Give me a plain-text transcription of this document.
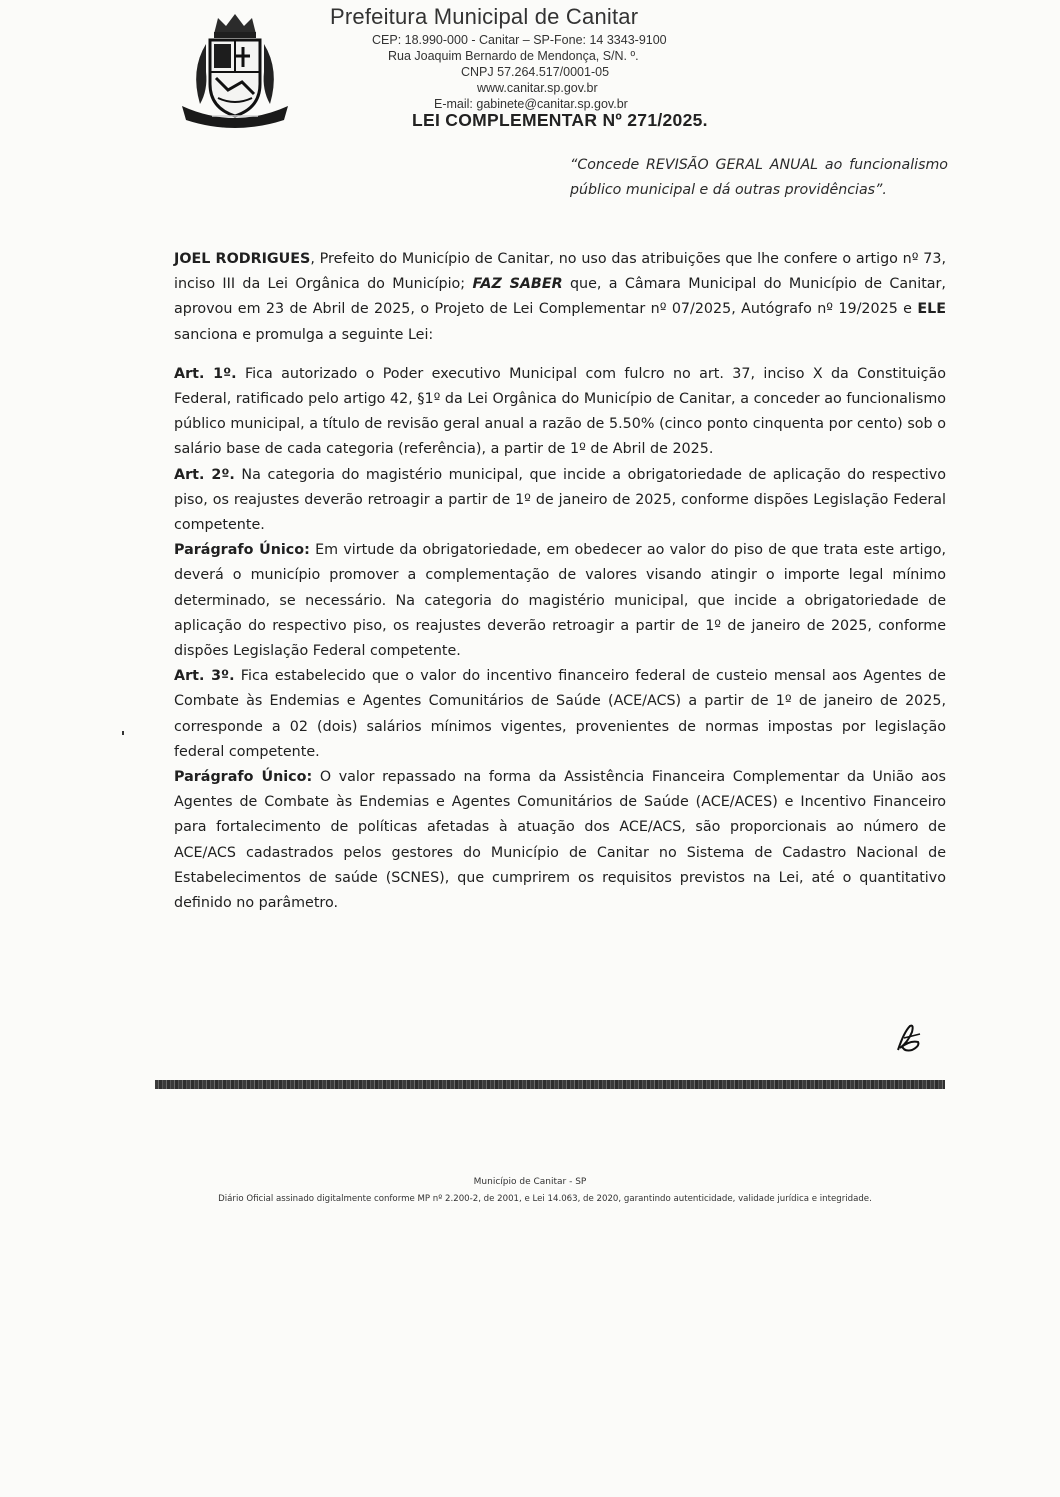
Prefeitura Municipal de Canitar
CEP: 18.990-000 - Canitar – SP-Fone: 14 3343-9100
Rua Joaquim Bernardo de Mendonça, S/N. º.
CNPJ 57.264.517/0001-05
www.canitar.sp.gov.br
E-mail: gabinete@canitar.sp.gov.br
LEI COMPLEMENTAR Nº 271/2025.
“Concede REVISÃO GERAL ANUAL ao funcionalismo público municipal e dá outras providências”.

JOEL RODRIGUES, Prefeito do Município de Canitar, no uso das atribuições que lhe confere o artigo nº 73, inciso III da Lei Orgânica do Município; FAZ SABER que, a Câmara Municipal do Município de Canitar, aprovou em 23 de Abril de 2025, o Projeto de Lei Complementar nº 07/2025, Autógrafo nº 19/2025 e ELE sanciona e promulga a seguinte Lei:

Art. 1º. Fica autorizado o Poder executivo Municipal com fulcro no art. 37, inciso X da Constituição Federal, ratificado pelo artigo 42, §1º da Lei Orgânica do Município de Canitar, a conceder ao funcionalismo público municipal, a título de revisão geral anual a razão de 5.50% (cinco ponto cinquenta por cento) sob o salário base de cada categoria (referência), a partir de 1º de Abril de 2025.

Art. 2º. Na categoria do magistério municipal, que incide a obrigatoriedade de aplicação do respectivo piso, os reajustes deverão retroagir a partir de 1º de janeiro de 2025, conforme dispões Legislação Federal competente.

Parágrafo Único: Em virtude da obrigatoriedade, em obedecer ao valor do piso de que trata este artigo, deverá o município promover a complementação de valores visando atingir o importe legal mínimo determinado, se necessário. Na categoria do magistério municipal, que incide a obrigatoriedade de aplicação do respectivo piso, os reajustes deverão retroagir a partir de 1º de janeiro de 2025, conforme dispões Legislação Federal competente.

Art. 3º. Fica estabelecido que o valor do incentivo financeiro federal de custeio mensal aos Agentes de Combate às Endemias e Agentes Comunitários de Saúde (ACE/ACS) a partir de 1º de janeiro de 2025, corresponde a 02 (dois) salários mínimos vigentes, provenientes de normas impostas por legislação federal competente.

Parágrafo Único: O valor repassado na forma da Assistência Financeira Complementar da União aos Agentes de Combate às Endemias e Agentes Comunitários de Saúde (ACE/ACES) e Incentivo Financeiro para fortalecimento de políticas afetadas à atuação dos ACE/ACS, são proporcionais ao número de ACE/ACS cadastrados pelos gestores do Município de Canitar no Sistema de Cadastro Nacional de Estabelecimentos de saúde (SCNES), que cumprirem os requisitos previstos na Lei, até o quantitativo definido no parâmetro.

Município de Canitar - SP
Diário Oficial assinado digitalmente conforme MP nº 2.200-2, de 2001, e Lei 14.063, de 2020, garantindo autenticidade, validade jurídica e integridade.
